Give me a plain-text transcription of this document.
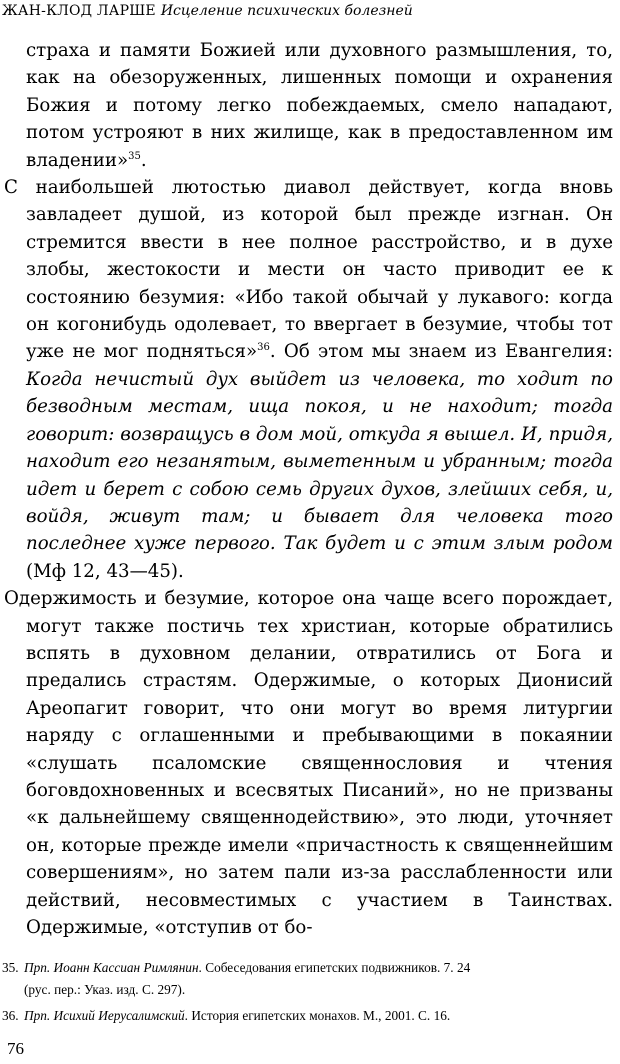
ЖАН-КЛОД ЛАРШЕ Исцеление психических болезней

страха и памяти Божией или духовного размышления, то, как на обезоруженных, лишенных помощи и охранения Божия и потому легко побеждаемых, смело нападают, потом устрояют в них жилище, как в предоставленном им владении»$^{35}$.

С наибольшей лютостью диавол действует, когда вновь завладеет душой, из которой был прежде изгнан. Он стремится ввести в нее полное расстройство, и в духе злобы, жестокости и мести он часто приводит ее к состоянию безумия: «Ибо такой обычай у лукавого: когда он когонибудь одолевает, то ввергает в безумие, чтобы тот уже не мог подняться»$^{36}$. Об этом мы знаем из Евангелия: Когда нечистый дух выйдет из человека, то ходит по безводным местам, ища покоя, и не находит; тогда говорит: возвращусь в дом мой, откуда я вышел. И, придя, находит его незанятым, выметенным и убранным; тогда идет и берет с собою семь других духов, злейших себя, и, войдя, живут там; и бывает для человека того последнее хуже первого. Так будет и с этим злым родом (Мф 12, 43—45).

Одержимость и безумие, которое она чаще всего порождает, могут также постичь тех христиан, которые обратились вспять в духовном делании, отвратились от Бога и предались страстям. Одержимые, о которых Дионисий Ареопагит говорит, что они могут во время литургии наряду с оглашенными и пребывающими в покаянии «слушать псаломские священнословия и чтения боговдохновенных и всесвятых Писаний», но не призваны «к дальнейшему священнодействию», это люди, уточняет он, которые прежде имели «причастность к священнейшим совершениям», но затем пали из-за расслабленности или действий, несовместимых с участием в Таинствах. Одержимые, «отступив от бо-

35. Прп. Иоанн Кассиан Римлянин. Собеседования египетских подвижников. 7. 24
(рус. пер.: Указ. изд. С. 297).

36. Прп. Исихий Иерусалимский. История египетских монахов. М., 2001. С. 16.

76
